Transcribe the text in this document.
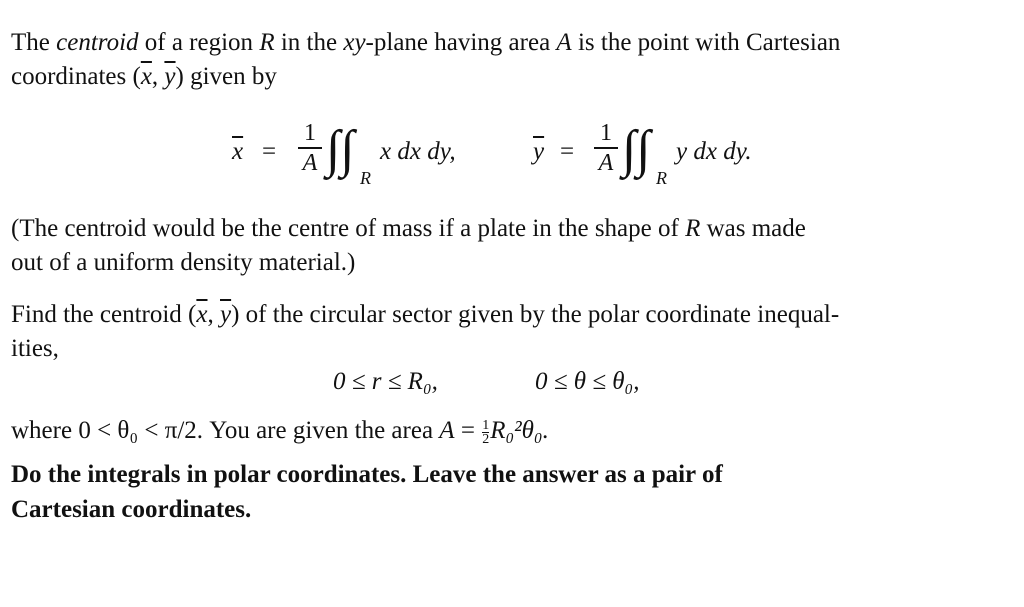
The centroid of a region R in the xy-plane having area A is the point with Cartesian
coordinates ($\overline{x}$, $\overline{y}$) given by
$\overline{x}$ =
1
A ∫∫ R
x dx dy,	$\overline{y}$ =
1
A ∫∫ R
y dx dy.
(The centroid would be the centre of mass if a plate in the shape of R was made
out of a uniform density material.)
Find the centroid ($\overline{x}$, $\overline{y}$) of the circular sector given by the polar coordinate inequal-
ities,
0 ≤ r ≤ R₀,	0 ≤ θ ≤ θ₀,
where 0 < θ₀ < π/2. You are given the area $A = \frac{1}{2} R_0^2\theta_0$.
Do the integrals in polar coordinates. Leave the answer as a pair of
Cartesian coordinates.
